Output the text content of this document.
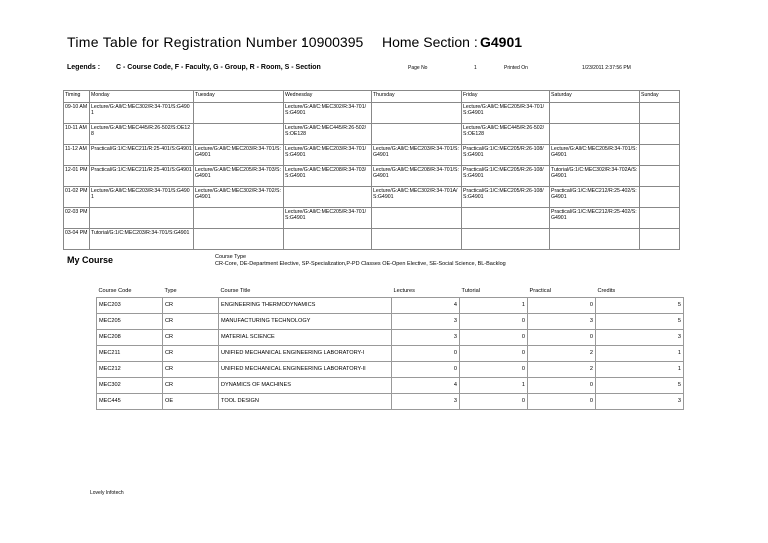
Time Table for Registration Number :
10900395 Home Section : G4901
Legends : C - Course Code, F - Faculty, G - Group, R - Room, S - Section	Page No	1	Printed On	1/23/2011 2:37:56 PM
Timing	Monday	Tuesday	Wednesday	Thursday	Friday	Saturday	Sunday
09-10 AM	Lecture/G:All/C:MEC302/R:34-701/S:G4901		Lecture/G:All/C:MEC302/R:34-701/S:G4901		Lecture/G:All/C:MEC205/R:34-701/S:G4901		
10-11 AM	Lecture/G:All/C:MEC445/R:26-502/S:OE128		Lecture/G:All/C:MEC445/R:26-502/S:OE128		Lecture/G:All/C:MEC445/R:26-502/S:OE128		
11-12 AM	Practical/G:1/C:MEC211/R:25-401/S:G4901	Lecture/G:All/C:MEC203/R:34-701/S:G4901	Lecture/G:All/C:MEC203/R:34-701/S:G4901	Lecture/G:All/C:MEC203/R:34-701/S:G4901	Practical/G:1/C:MEC205/R:26-108/S:G4901	Lecture/G:All/C:MEC205/R:34-701/S:G4901	
12-01 PM	Practical/G:1/C:MEC211/R:25-401/S:G4901	Lecture/G:All/C:MEC205/R:34-703/S:G4901	Lecture/G:All/C:MEC208/R:34-703/S:G4901	Lecture/G:All/C:MEC208/R:34-701/S:G4901	Practical/G:1/C:MEC205/R:26-108/S:G4901	Tutorial/G:1/C:MEC302/R:34-702A/S:G4901	
01-02 PM	Lecture/G:All/C:MEC203/R:34-701/S:G4901	Lecture/G:All/C:MEC302/R:34-702/S:G4901		Lecture/G:All/C:MEC302/R:34-701A/S:G4901	Practical/G:1/C:MEC205/R:26-108/S:G4901	Practical/G:1/C:MEC212/R:25-402/S:G4901	
02-03 PM			Lecture/G:All/C:MEC205/R:34-701/S:G4901			Practical/G:1/C:MEC212/R:25-402/S:G4901	
03-04 PM	Tutorial/G:1/C:MEC203/R:34-701/S:G4901						
My Course	Course Type
CR-Core, DE-Department Elective, SP-Specialization,P-PD Classes OE-Open Elective, SE-Social Science, BL-Backlog
Course Code	Type	Course Title	Lectures	Tutorial	Practical	Credits
MEC203	CR	ENGINEERING THERMODYNAMICS	4	1	0	5
MEC205	CR	MANUFACTURING TECHNOLOGY	3	0	3	5
MEC208	CR	MATERIAL SCIENCE	3	0	0	3
MEC211	CR	UNIFIED MECHANICAL ENGINEERING LABORATORY-I	0	0	2	1
MEC212	CR	UNIFIED MECHANICAL ENGINEERING LABORATORY-II	0	0	2	1
MEC302	CR	DYNAMICS OF MACHINES	4	1	0	5
MEC445	OE	TOOL DESIGN	3	0	0	3
Lovely Infotech
